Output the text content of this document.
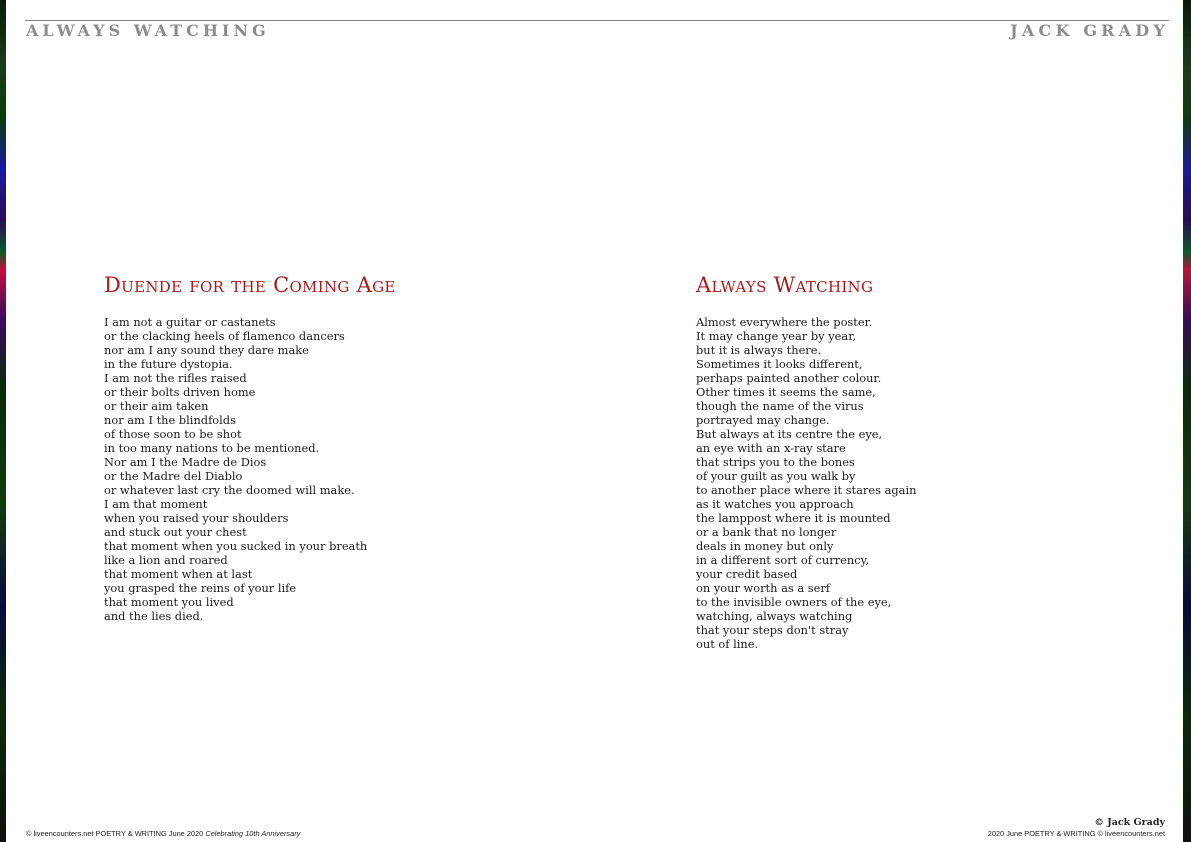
ALWAYS WATCHING	JACK GRADY
Duende for the Coming Age
I am not a guitar or castanets
or the clacking heels of flamenco dancers
nor am I any sound they dare make
in the future dystopia.
I am not the rifles raised
or their bolts driven home
or their aim taken
nor am I the blindfolds
of those soon to be shot
in too many nations to be mentioned.
Nor am I the Madre de Dios
or the Madre del Diablo
or whatever last cry the doomed will make.
I am that moment
when you raised your shoulders
and stuck out your chest
that moment when you sucked in your breath
like a lion and roared
that moment when at last
you grasped the reins of your life
that moment you lived
and the lies died.
Always Watching
Almost everywhere the poster.
It may change year by year,
but it is always there.
Sometimes it looks different,
perhaps painted another colour.
Other times it seems the same,
though the name of the virus
portrayed may change.
But always at its centre the eye,
an eye with an x-ray stare
that strips you to the bones
of your guilt as you walk by
to another place where it stares again
as it watches you approach
the lamppost where it is mounted
or a bank that no longer
deals in money but only
in a different sort of currency,
your credit based
on your worth as a serf
to the invisible owners of the eye,
watching, always watching
that your steps don't stray
out of line.
© liveencounters.net POETRY & WRITING June 2020 Celebrating 10th Anniversary
© Jack Grady
2020 June POETRY & WRITING © liveencounters.net
